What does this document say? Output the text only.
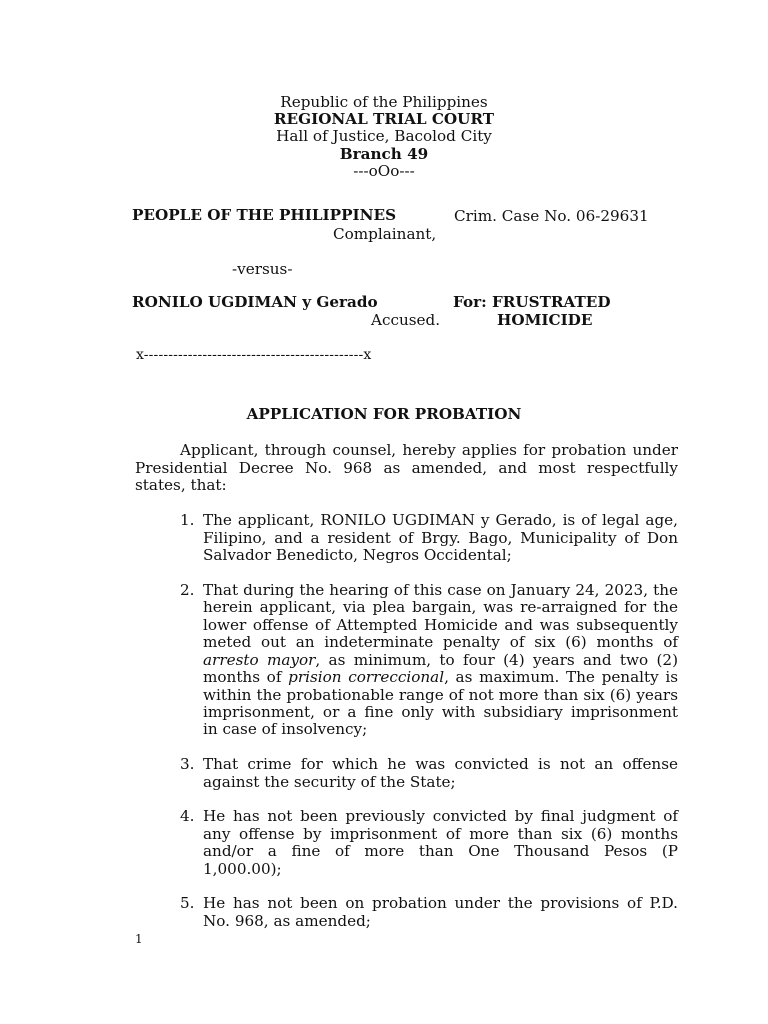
Republic of the Philippines
REGIONAL TRIAL COURT
Hall of Justice, Bacolod City
Branch 49
---oOo---
PEOPLE OF THE PHILIPPINES	Crim. Case No. 06-29631
Complainant,
-versus-
RONILO UGDIMAN y Gerado	For: FRUSTRATED
Accused.	HOMICIDE
x---------------------------------------------x
APPLICATION FOR PROBATION
Applicant, through counsel, hereby applies for probation under
Presidential Decree No. 968 as amended, and most respectfully
states, that:
1. The applicant, RONILO UGDIMAN y Gerado, is of legal age,
Filipino, and a resident of Brgy. Bago, Municipality of Don
Salvador Benedicto, Negros Occidental;
2. That during the hearing of this case on January 24, 2023, the
herein applicant, via plea bargain, was re-arraigned for the
lower offense of Attempted Homicide and was subsequently
meted out an indeterminate penalty of six (6) months of
arresto mayor, as minimum, to four (4) years and two (2)
months of prision correccional, as maximum. The penalty is
within the probationable range of not more than six (6) years
imprisonment, or a fine only with subsidiary imprisonment
in case of insolvency;
3. That crime for which he was convicted is not an offense
against the security of the State;
4. He has not been previously convicted by final judgment of
any offense by imprisonment of more than six (6) months
and/or a fine of more than One Thousand Pesos (P
1,000.00);
5. He has not been on probation under the provisions of P.D.
No. 968, as amended;
1
